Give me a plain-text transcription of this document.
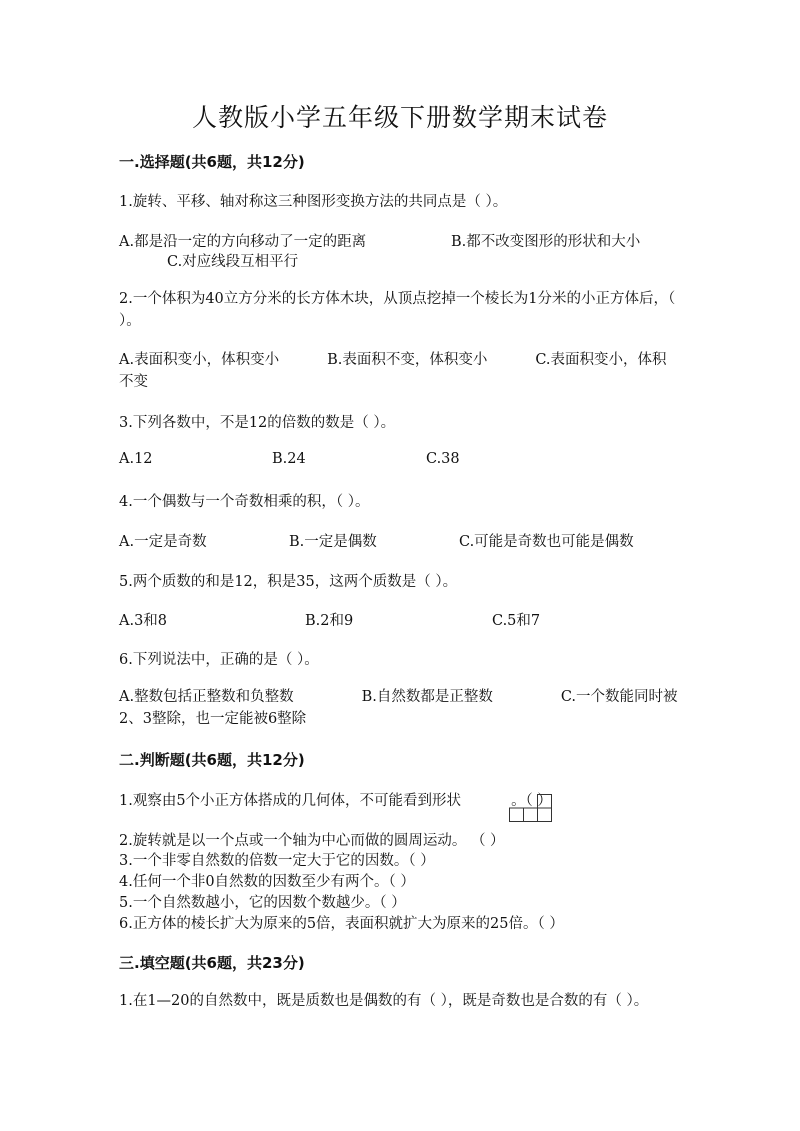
人教版小学五年级下册数学期末试卷
一.选择题(共6题，共12分)
1.旋转、平移、轴对称这三种图形变换方法的共同点是（ ）。
A.都是沿一定的方向移动了一定的距离	B.都不改变图形的形状和大小
C.对应线段互相平行
2.一个体积为40立方分米的长方体木块，从顶点挖掉一个棱长为1分米的小正方体后，（ ）。
A.表面积变小，体积变小	B.表面积不变，体积变小	C.表面积变小，体积不变
3.下列各数中，不是12的倍数的数是（ ）。
A.12	B.24	C.38
4.一个偶数与一个奇数相乘的积，（ ）。
A.一定是奇数	B.一定是偶数	C.可能是奇数也可能是偶数
5.两个质数的和是12，积是35，这两个质数是（ ）。
A.3和8	B.2和9	C.5和7
6.下列说法中，正确的是（ ）。
A.整数包括正整数和负整数	B.自然数都是正整数	C.一个数能同时被2、3整除，也一定能被6整除
二.判断题(共6题，共12分)
1.观察由5个小正方体搭成的几何体，不可能看到形状	。（ ）
2.旋转就是以一个点或一个轴为中心而做的圆周运动。 （ ）
3.一个非零自然数的倍数一定大于它的因数。（ ）
4.任何一个非0自然数的因数至少有两个。（ ）
5.一个自然数越小，它的因数个数越少。（ ）
6.正方体的棱长扩大为原来的5倍，表面积就扩大为原来的25倍。（ ）
三.填空题(共6题，共23分)
1.在1—20的自然数中，既是质数也是偶数的有（ ），既是奇数也是合数的有（ ）。
